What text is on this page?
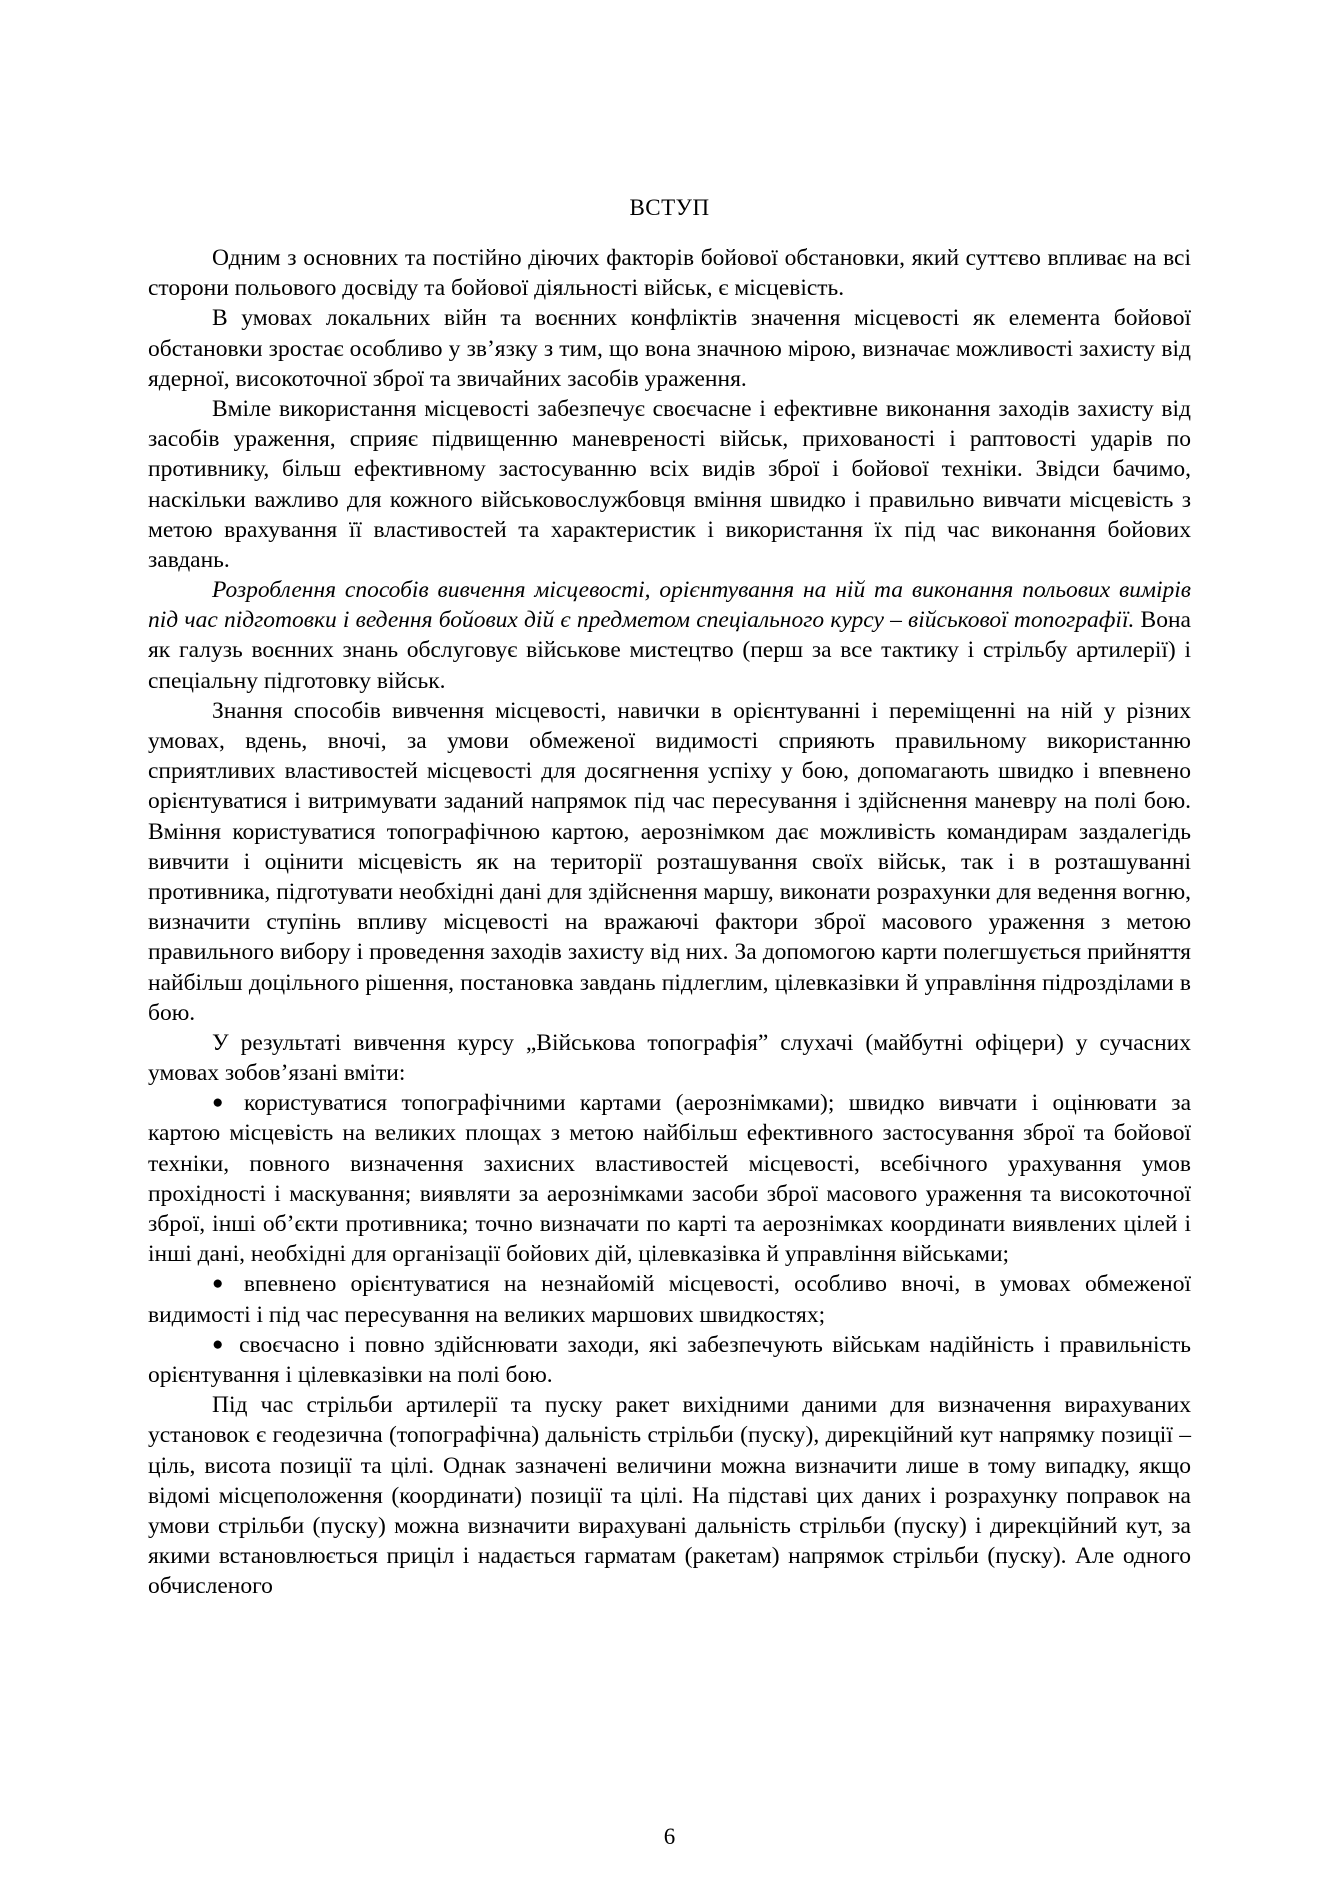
ВСТУП

Одним з основних та постійно діючих факторів бойової обстановки, який суттєво впливає на всі сторони польового досвіду та бойової діяльності військ, є місцевість.

В умовах локальних війн та воєнних конфліктів значення місцевості як елемента бойової обстановки зростає особливо у зв’язку з тим, що вона значною мірою, визначає можливості захисту від ядерної, високоточної зброї та звичайних засобів ураження.

Вміле використання місцевості забезпечує своєчасне і ефективне виконання заходів захисту від засобів ураження, сприяє підвищенню маневреності військ, прихованості і раптовості ударів по противнику, більш ефективному застосуванню всіх видів зброї і бойової техніки. Звідси бачимо, наскільки важливо для кожного військовослужбовця вміння швидко і правильно вивчати місцевість з метою врахування її властивостей та характеристик і використання їх під час виконання бойових завдань.

Розроблення способів вивчення місцевості, орієнтування на ній та виконання польових вимірів під час підготовки і ведення бойових дій є предметом спеціального курсу – військової топографії. Вона як галузь воєнних знань обслуговує військове мистецтво (перш за все тактику і стрільбу артилерії) і спеціальну підготовку військ.

Знання способів вивчення місцевості, навички в орієнтуванні і переміщенні на ній у різних умовах, вдень, вночі, за умови обмеженої видимості сприяють правильному використанню сприятливих властивостей місцевості для досягнення успіху у бою, допомагають швидко і впевнено орієнтуватися і витримувати заданий напрямок під час пересування і здійснення маневру на полі бою. Вміння користуватися топографічною картою, аерознімком дає можливість командирам заздалегідь вивчити і оцінити місцевість як на території розташування своїх військ, так і в розташуванні противника, підготувати необхідні дані для здійснення маршу, виконати розрахунки для ведення вогню, визначити ступінь впливу місцевості на вражаючі фактори зброї масового ураження з метою правильного вибору і проведення заходів захисту від них. За допомогою карти полегшується прийняття найбільш доцільного рішення, постановка завдань підлеглим, цілевказівки й управління підрозділами в бою.

У результаті вивчення курсу „Військова топографія” слухачі (майбутні офіцери) у сучасних умовах зобов’язані вміти:

● користуватися топографічними картами (аерознімками); швидко вивчати і оцінювати за картою місцевість на великих площах з метою найбільш ефективного застосування зброї та бойової техніки, повного визначення захисних властивостей місцевості, всебічного урахування умов прохідності і маскування; виявляти за аерознімками засоби зброї масового ураження та високоточної зброї, інші об’єкти противника; точно визначати по карті та аерознімках координати виявлених цілей і інші дані, необхідні для організації бойових дій, цілевказівка й управління військами;

● впевнено орієнтуватися на незнайомій місцевості, особливо вночі, в умовах обмеженої видимості і під час пересування на великих маршових швидкостях;

● своєчасно і повно здійснювати заходи, які забезпечують військам надійність і правильність орієнтування і цілевказівки на полі бою.

Під час стрільби артилерії та пуску ракет вихідними даними для визначення вирахуваних установок є геодезична (топографічна) дальність стрільби (пуску), дирекційний кут напрямку позиції – ціль, висота позиції та цілі. Однак зазначені величини можна визначити лише в тому випадку, якщо відомі місцеположення (координати) позиції та цілі. На підставі цих даних і розрахунку поправок на умови стрільби (пуску) можна визначити вирахувані дальність стрільби (пуску) і дирекційний кут, за якими встановлюється приціл і надається гарматам (ракетам) напрямок стрільби (пуску). Але одного обчисленого

6
